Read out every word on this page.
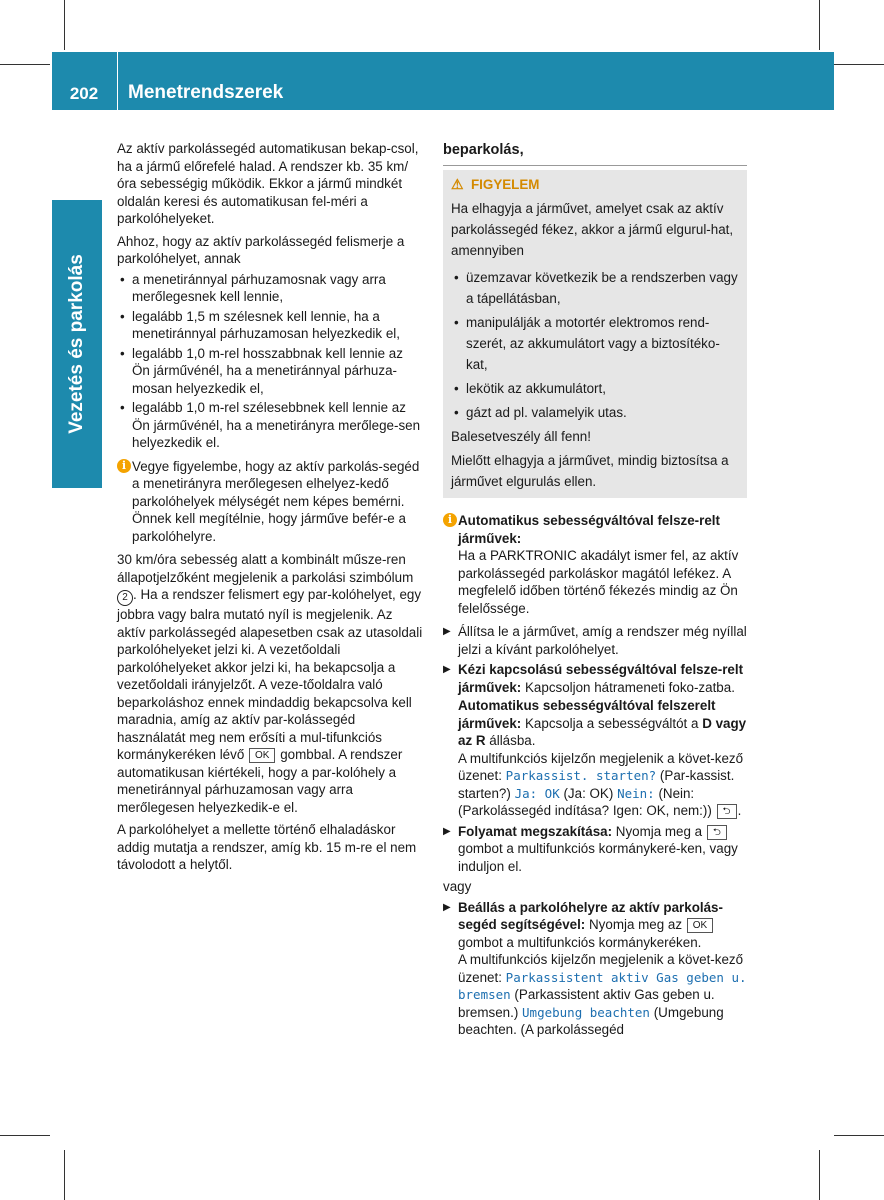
202	Menetrendszerek
Vezetés és parkolás

Az aktív parkolássegéd automatikusan bekap-csol, ha a jármű előrefelé halad. A rendszer kb. 35 km/óra sebességig működik. Ekkor a jármű mindkét oldalán keresi és automatikusan fel-méri a parkolóhelyeket.

Ahhoz, hogy az aktív parkolássegéd felismerje a parkolóhelyet, annak

• a menetiránnyal párhuzamosnak vagy arra merőlegesnek kell lennie,
• legalább 1,5 m szélesnek kell lennie, ha a menetiránnyal párhuzamosan helyezkedik el,
• legalább 1,0 m-rel hosszabbnak kell lennie az Ön járművénél, ha a menetiránnyal párhuza-mosan helyezkedik el,
• legalább 1,0 m-rel szélesebbnek kell lennie az Ön járművénél, ha a menetirányra merőlege-sen helyezkedik el.
i Vegye figyelembe, hogy az aktív parkolás-segéd a menetirányra merőlegesen elhelyez-kedő parkolóhelyek mélységét nem képes bemérni. Önnek kell megítélnie, hogy járműve befér-e a parkolóhelyre.

30 km/óra sebesség alatt a kombinált műsze-ren állapotjelzőként megjelenik a parkolási szimbólum 2 . Ha a rendszer felismert egy par-kolóhelyet, egy jobbra vagy balra mutató nyíl is megjelenik. Az aktív parkolássegéd alapesetben csak az utasoldali parkolóhelyeket jelzi ki. A vezetőoldali parkolóhelyeket akkor jelzi ki, ha bekapcsolja a vezetőoldali irányjelzőt. A veze-tőoldalra való beparkoláshoz ennek mindaddig bekapcsolva kell maradnia, amíg az aktív par-kolássegéd használatát meg nem erősíti a mul-tifunkciós kormánykeréken lévő OK gombbal. A rendszer automatikusan kiértékeli, hogy a par-kolóhely a menetiránnyal párhuzamosan vagy arra merőlegesen helyezkedik-e el.

A parkolóhelyet a mellette történő elhaladáskor addig mutatja a rendszer, amíg kb. 15 m-re el nem távolodott a helytől.

beparkolás,
⚠ FIGYELEM

Ha elhagyja a járművet, amelyet csak az aktív parkolássegéd fékez, akkor a jármű elgurul-hat, amennyiben

• üzemzavar következik be a rendszerben vagy a tápellátásban,
• manipulálják a motortér elektromos rend-szerét, az akkumulátort vagy a biztosítéko-kat,
• lekötik az akkumulátort,
• gázt ad pl. valamelyik utas.

Balesetveszély áll fenn!

Mielőtt elhagyja a járművet, mindig biztosítsa a járművet elgurulás ellen.

i Automatikus sebességváltóval felsze-relt járművek:
Ha a PARKTRONIC akadályt ismer fel, az aktív parkolássegéd parkoláskor magától lefékez. A megfelelő időben történő fékezés mindig az Ön felelőssége.
▶ Állítsa le a járművet, amíg a rendszer még nyíllal jelzi a kívánt parkolóhelyet.
▶ Kézi kapcsolású sebességváltóval felsze-relt járművek: Kapcsoljon hátrameneti foko-zatba.
Automatikus sebességváltóval felszerelt járművek: Kapcsolja a sebességváltót a D vagy az R állásba.
A multifunkciós kijelzőn megjelenik a követ-kező üzenet: Parkassist. starten? (Par-kassist. starten?) Ja: OK (Ja: OK) Nein: (Nein: (Parkolássegéd indítása? Igen: OK, nem:)) ⮌ .
▶ Folyamat megszakítása: Nyomja meg a ⮌ gombot a multifunkciós kormánykeré-ken, vagy induljon el.
vagy
▶ Beállás a parkolóhelyre az aktív parkolás-segéd segítségével: Nyomja meg az OK gombot a multifunkciós kormánykeréken.
A multifunkciós kijelzőn megjelenik a követ-kező üzenet: Parkassistent aktiv Gas geben u. bremsen (Parkassistent aktiv Gas geben u. bremsen.) Umgebung beachten (Umgebung beachten. (A parkolássegéd
